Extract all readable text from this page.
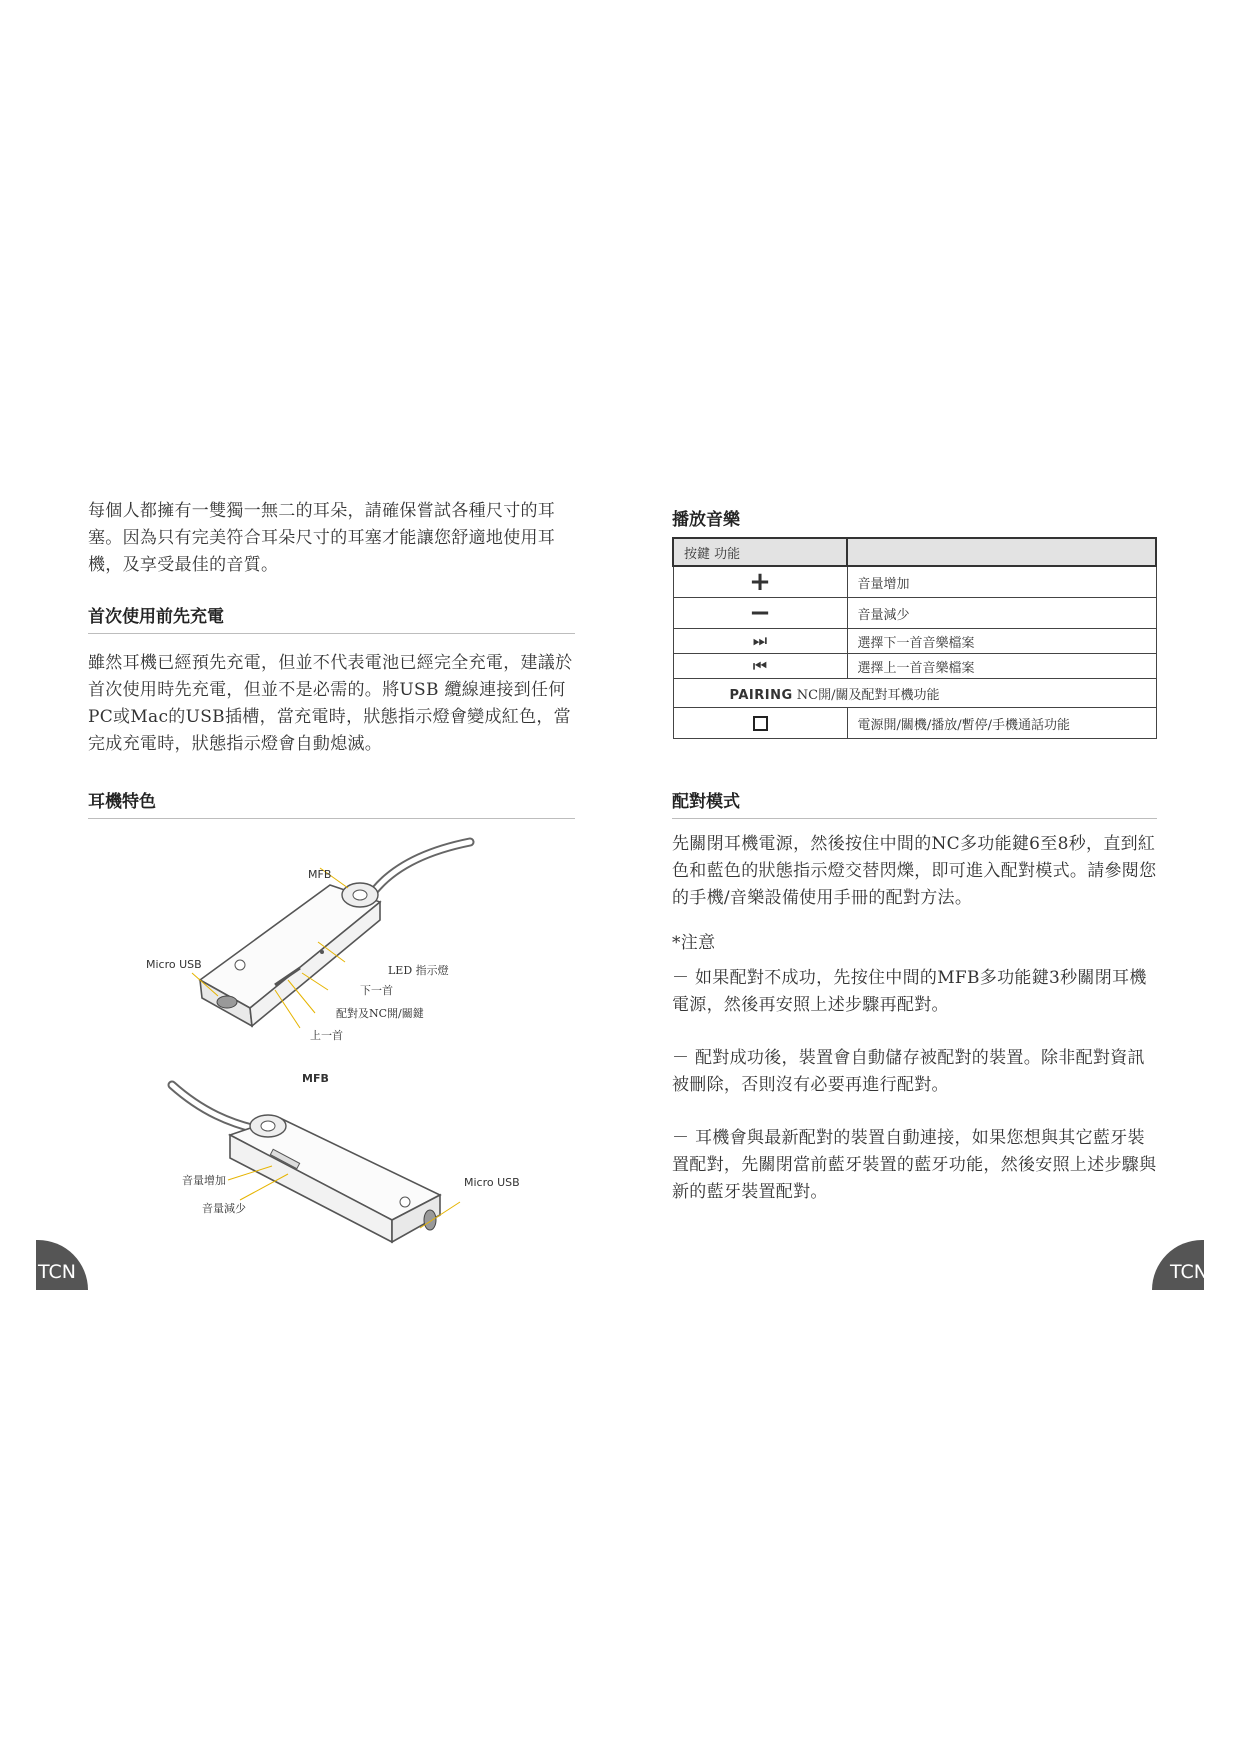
每個人都擁有一雙獨一無二的耳朵，請確保嘗試各種尺寸的耳塞。因為只有完美符合耳朵尺寸的耳塞才能讓您舒適地使用耳機，及享受最佳的音質。

首次使用前先充電

雖然耳機已經預先充電，但並不代表電池已經完全充電，建議於首次使用時先充電，但並不是必需的。將USB 纜線連接到任何PC或Mac的USB插槽，當充電時，狀態指示燈會變成紅色，當完成充電時，狀態指示燈會自動熄滅。

耳機特色
MFB
Micro USB	LED 指示燈
下一首
配對及NC開/關鍵
上一首
MFB
音量增加
音量減少
Micro USB
TCN
播放音樂
按鍵 功能	
+	音量增加
−	音量減少
⏭	選擇下一首音樂檔案
⏮	選擇上一首音樂檔案
PAIRING NC開/關及配對耳機功能	
	電源開/關機/播放/暫停/手機通話功能
配對模式

先關閉耳機電源，然後按住中間的NC多功能鍵6至8秒，直到紅色和藍色的狀態指示燈交替閃爍，即可進入配對模式。請參閱您的手機/音樂設備使用手冊的配對方法。

*注意

－ 如果配對不成功，先按住中間的MFB多功能鍵3秒關閉耳機電源，然後再安照上述步驟再配對。

－ 配對成功後，裝置會自動儲存被配對的裝置。除非配對資訊被刪除，否則沒有必要再進行配對。

－ 耳機會與最新配對的裝置自動連接，如果您想與其它藍牙裝置配對，先關閉當前藍牙裝置的藍牙功能，然後安照上述步驟與新的藍牙裝置配對。

TCN
